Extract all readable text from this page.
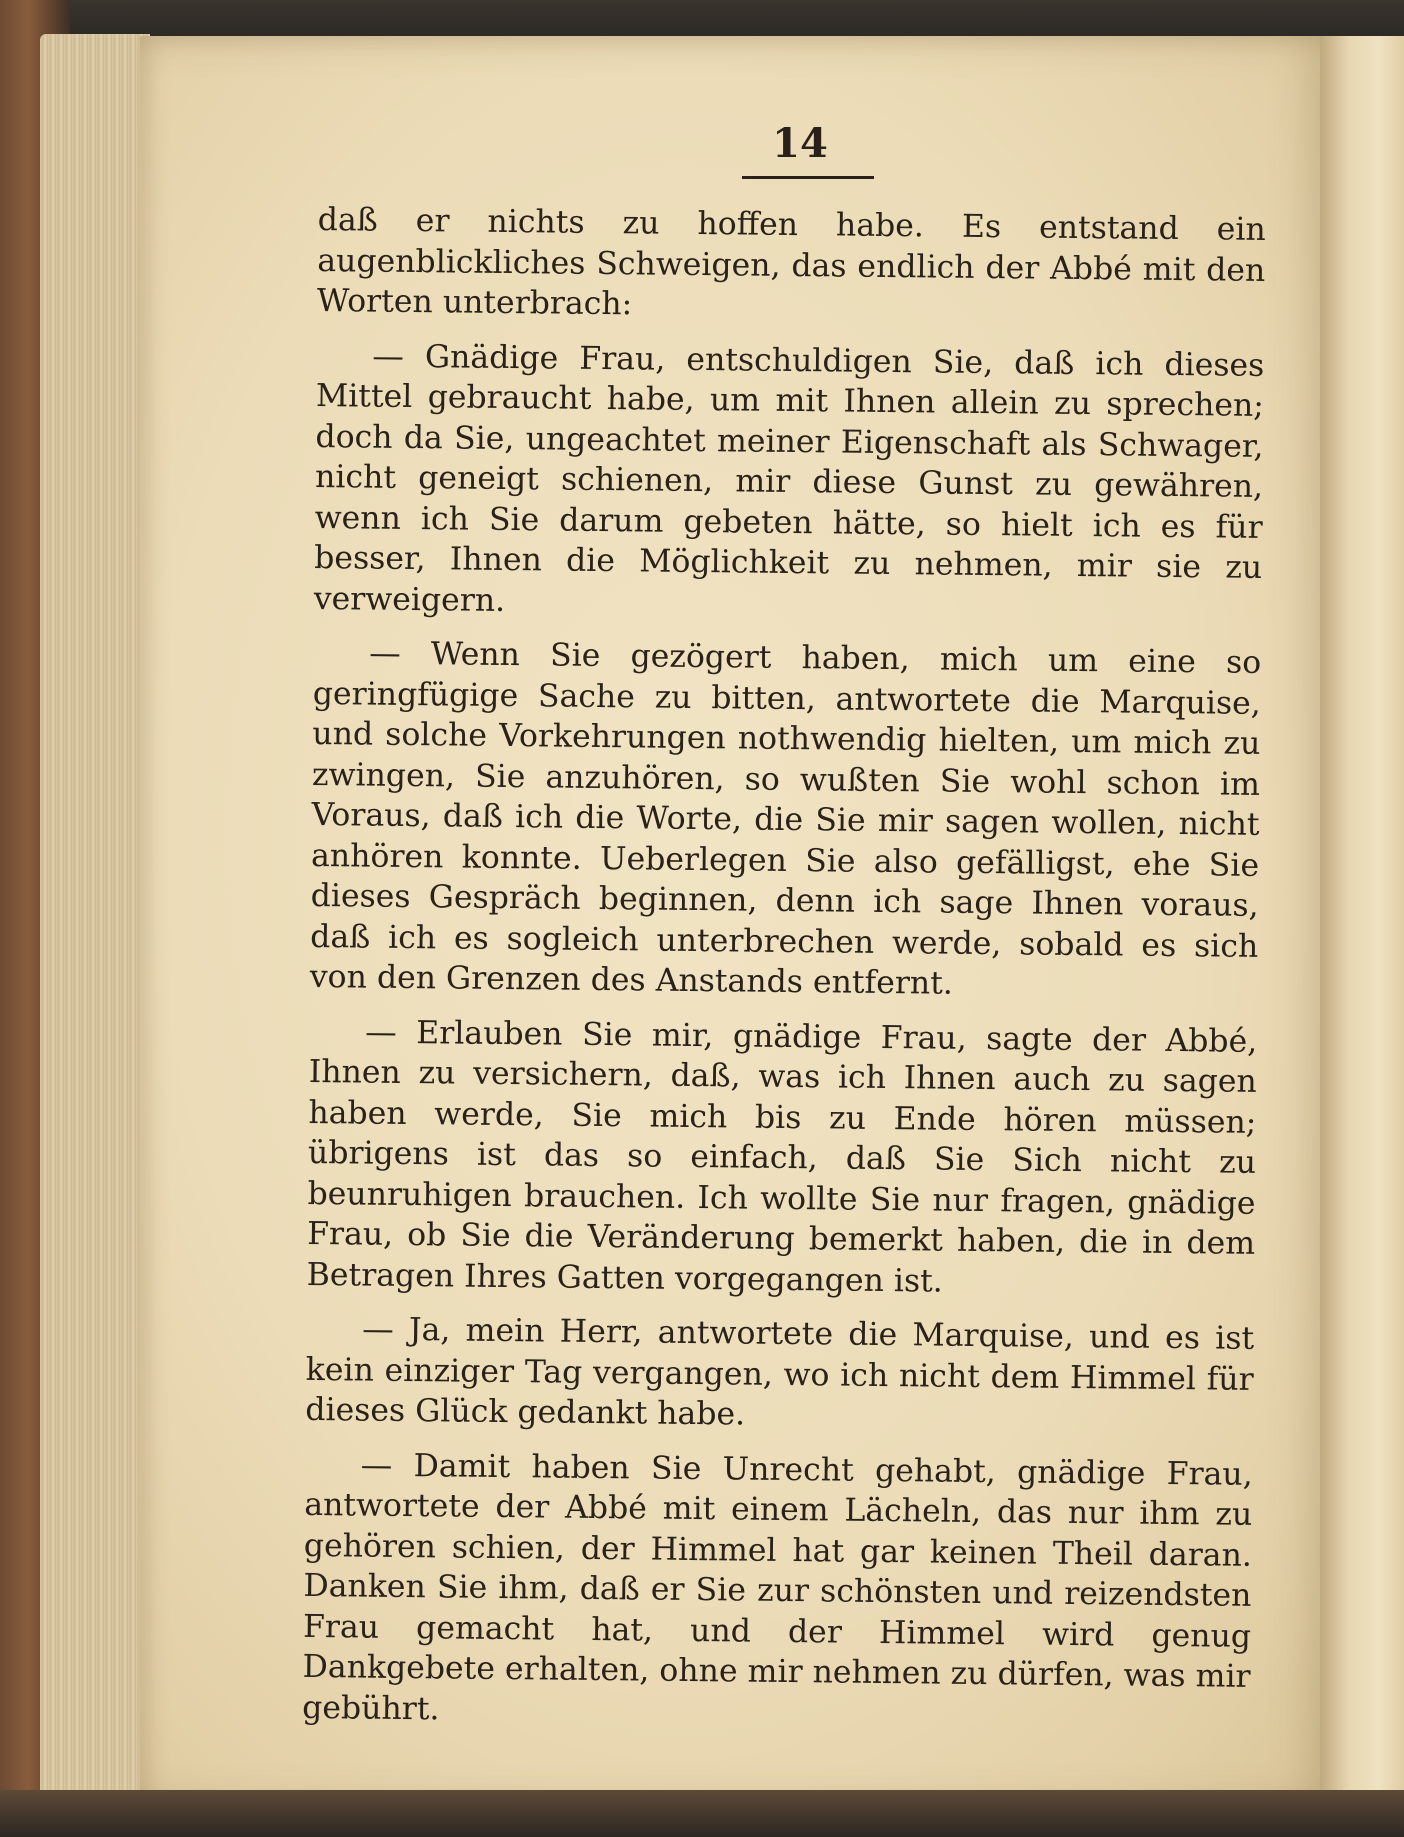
14

daß er nichts zu hoffen habe. Es entstand ein augenblickliches Schweigen, das endlich der Abbé mit den Worten unterbrach:

— Gnädige Frau, entschuldigen Sie, daß ich dieses Mittel gebraucht habe, um mit Ihnen allein zu sprechen; doch da Sie, ungeachtet meiner Eigenschaft als Schwager, nicht geneigt schienen, mir diese Gunst zu gewähren, wenn ich Sie darum gebeten hätte, so hielt ich es für besser, Ihnen die Möglichkeit zu nehmen, mir sie zu verweigern.

— Wenn Sie gezögert haben, mich um eine so geringfügige Sache zu bitten, antwortete die Marquise, und solche Vorkehrungen nothwendig hielten, um mich zu zwingen, Sie anzuhören, so wußten Sie wohl schon im Voraus, daß ich die Worte, die Sie mir sagen wollen, nicht anhören konnte. Ueberlegen Sie also gefälligst, ehe Sie dieses Gespräch beginnen, denn ich sage Ihnen voraus, daß ich es sogleich unterbrechen werde, sobald es sich von den Grenzen des Anstands entfernt.

— Erlauben Sie mir, gnädige Frau, sagte der Abbé, Ihnen zu versichern, daß, was ich Ihnen auch zu sagen haben werde, Sie mich bis zu Ende hören müssen; übrigens ist das so einfach, daß Sie Sich nicht zu beunruhigen brauchen. Ich wollte Sie nur fragen, gnädige Frau, ob Sie die Veränderung bemerkt haben, die in dem Betragen Ihres Gatten vorgegangen ist.

— Ja, mein Herr, antwortete die Marquise, und es ist kein einziger Tag vergangen, wo ich nicht dem Himmel für dieses Glück gedankt habe.

— Damit haben Sie Unrecht gehabt, gnädige Frau, antwortete der Abbé mit einem Lächeln, das nur ihm zu gehören schien, der Himmel hat gar keinen Theil daran. Danken Sie ihm, daß er Sie zur schönsten und reizendsten Frau gemacht hat, und der Himmel wird genug Dankgebete erhalten, ohne mir nehmen zu dürfen, was mir gebührt.
